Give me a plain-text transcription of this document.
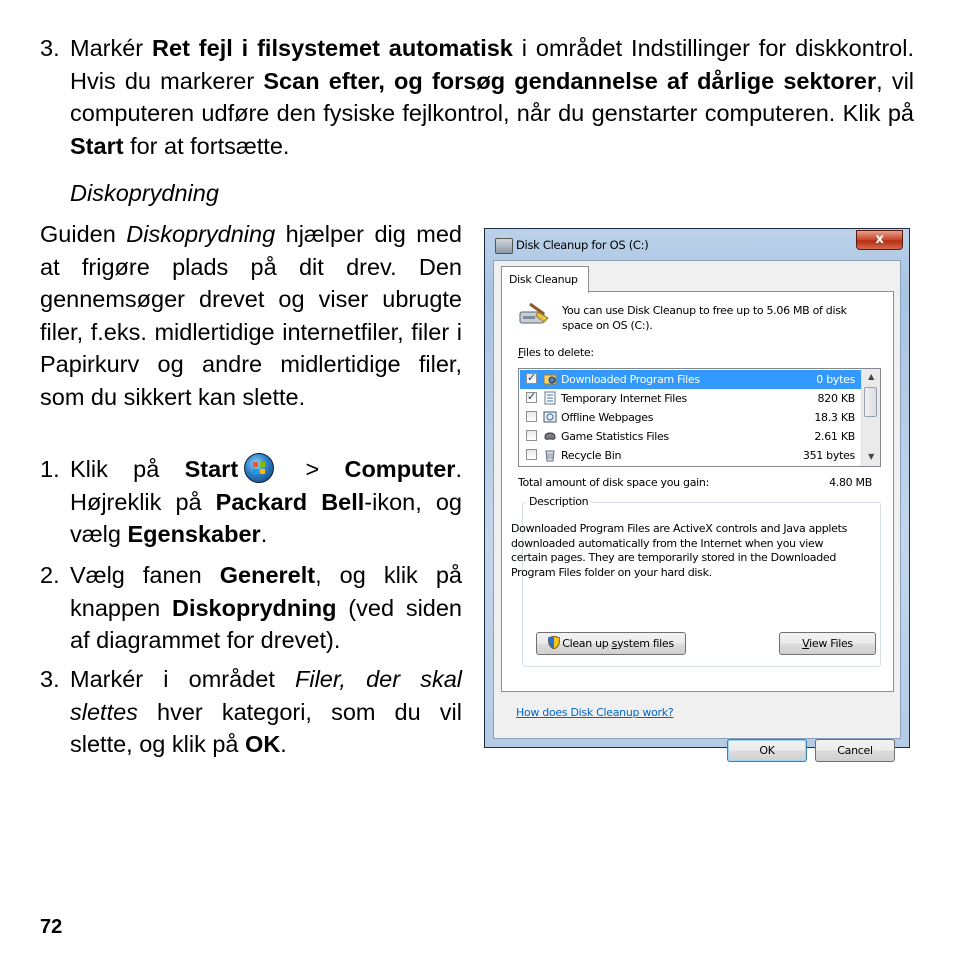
3. Markér Ret fejl i filsystemet automatisk i området Indstillinger for diskkontrol. Hvis du markerer Scan efter, og forsøg gendannelse af dårlige sektorer, vil computeren udføre den fysiske fejlkontrol, når du genstarter computeren. Klik på Start for at fortsætte.
Diskoprydning
Guiden Diskoprydning hjælper dig med at frigøre plads på dit drev. Den gennemsøger drevet og viser ubrugte filer, f.eks. midlertidige internetfiler, filer i Papirkurv og andre midlertidige filer, som du sikkert kan slette.
1. Klik på Start > Computer. Højreklik på Packard Bell-ikon, og vælg Egenskaber.
2. Vælg fanen Generelt, og klik på knappen Diskoprydning (ved siden af diagrammet for drevet).
3. Markér i området Filer, der skal slettes hver kategori, som du vil slette, og klik på OK.
Disk Cleanup for OS (C:)	x
Disk Cleanup
You can use Disk Cleanup to free up to 5.06 MB of disk space on OS (C:).
Files to delete:
✓
Downloaded Program Files	0 bytes
✓
Temporary Internet Files	820 KB
Offline Webpages	18.3 KB
Game Statistics Files	2.61 KB
Recycle Bin	351 bytes
▲
▼
Total amount of disk space you gain:	4.80 MB
Description
Downloaded Program Files are ActiveX controls and Java applets downloaded automatically from the Internet when you view certain pages. They are temporarily stored in the Downloaded Program Files folder on your hard disk.
Clean up system files	View Files
How does Disk Cleanup work?
OK	Cancel
72
